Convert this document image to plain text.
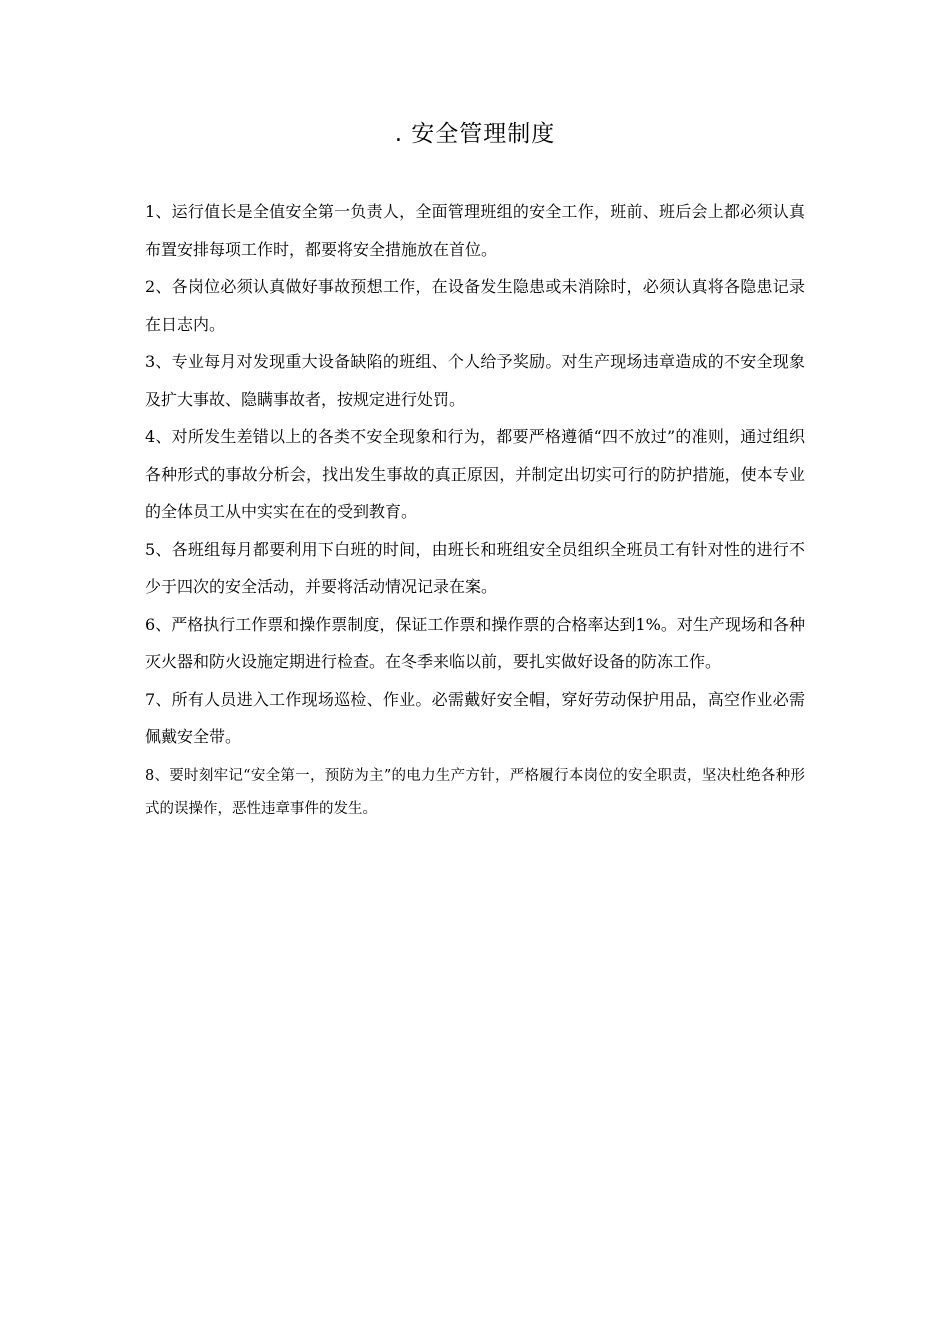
. 安全管理制度

1、运行值长是全值安全第一负责人，全面管理班组的安全工作，班前、班后会上都必须认真布置安排每项工作时，都要将安全措施放在首位。

2、各岗位必须认真做好事故预想工作，在设备发生隐患或未消除时，必须认真将各隐患记录在日志内。

3、专业每月对发现重大设备缺陷的班组、个人给予奖励。对生产现场违章造成的不安全现象及扩大事故、隐瞒事故者，按规定进行处罚。

4、对所发生差错以上的各类不安全现象和行为，都要严格遵循“四不放过”的准则，通过组织各种形式的事故分析会，找出发生事故的真正原因，并制定出切实可行的防护措施，使本专业的全体员工从中实实在在的受到教育。

5、各班组每月都要利用下白班的时间，由班长和班组安全员组织全班员工有针对性的进行不少于四次的安全活动，并要将活动情况记录在案。

6、严格执行工作票和操作票制度，保证工作票和操作票的合格率达到1%。对生产现场和各种灭火器和防火设施定期进行检查。在冬季来临以前，要扎实做好设备的防冻工作。

7、所有人员进入工作现场巡检、作业。必需戴好安全帽，穿好劳动保护用品，高空作业必需佩戴安全带。

8、要时刻牢记“安全第一，预防为主”的电力生产方针，严格履行本岗位的安全职责，坚决杜绝各种形式的误操作，恶性违章事件的发生。
